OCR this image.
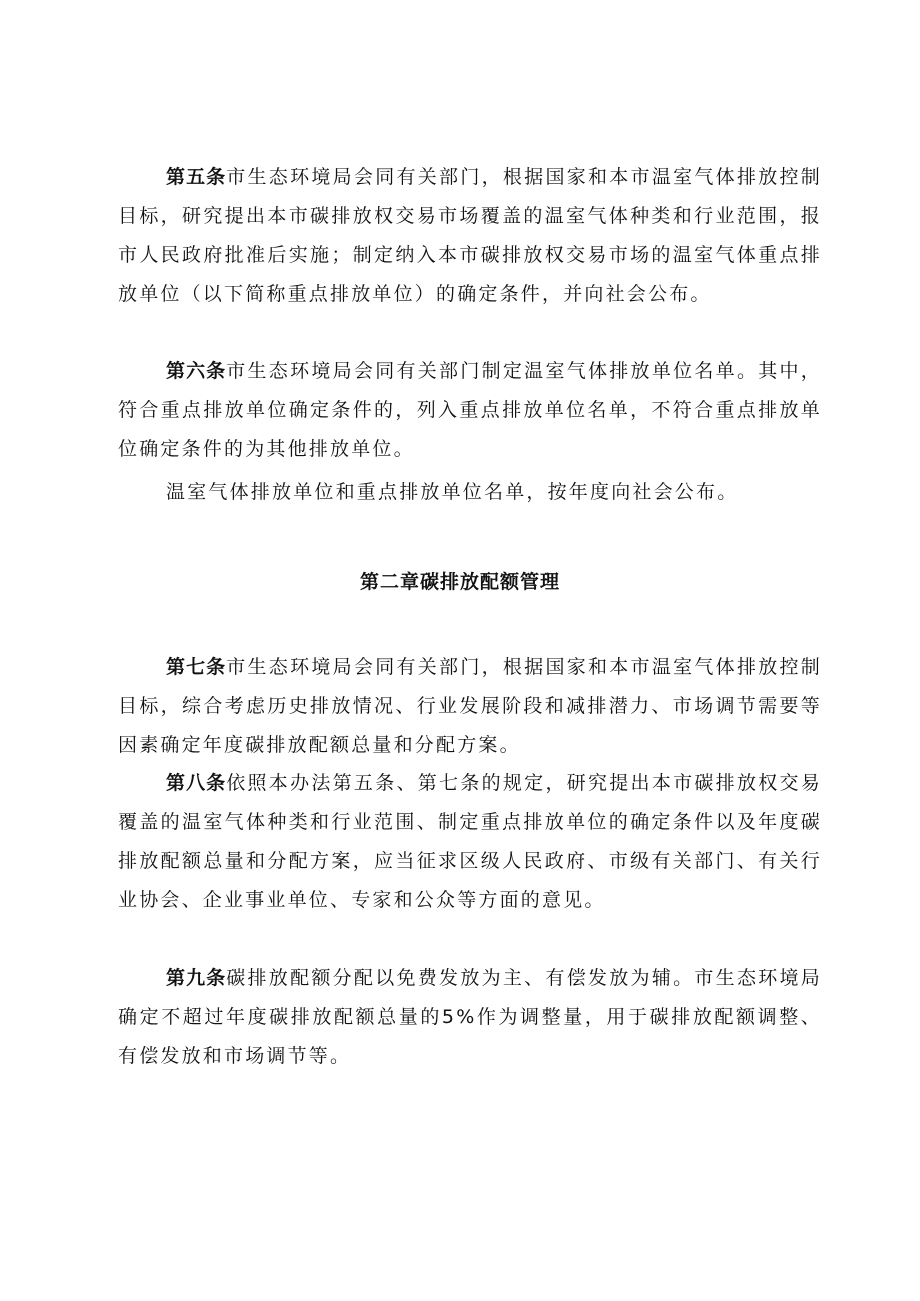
第五条市生态环境局会同有关部门，根据国家和本市温室气体排放控制目标，研究提出本市碳排放权交易市场覆盖的温室气体种类和行业范围，报市人民政府批准后实施；制定纳入本市碳排放权交易市场的温室气体重点排放单位（以下简称重点排放单位）的确定条件，并向社会公布。

第六条市生态环境局会同有关部门制定温室气体排放单位名单。其中，符合重点排放单位确定条件的，列入重点排放单位名单，不符合重点排放单位确定条件的为其他排放单位。

温室气体排放单位和重点排放单位名单，按年度向社会公布。

第二章碳排放配额管理

第七条市生态环境局会同有关部门，根据国家和本市温室气体排放控制目标，综合考虑历史排放情况、行业发展阶段和减排潜力、市场调节需要等因素确定年度碳排放配额总量和分配方案。

第八条依照本办法第五条、第七条的规定，研究提出本市碳排放权交易覆盖的温室气体种类和行业范围、制定重点排放单位的确定条件以及年度碳排放配额总量和分配方案，应当征求区级人民政府、市级有关部门、有关行业协会、企业事业单位、专家和公众等方面的意见。

第九条碳排放配额分配以免费发放为主、有偿发放为辅。市生态环境局确定不超过年度碳排放配额总量的5%作为调整量，用于碳排放配额调整、有偿发放和市场调节等。
